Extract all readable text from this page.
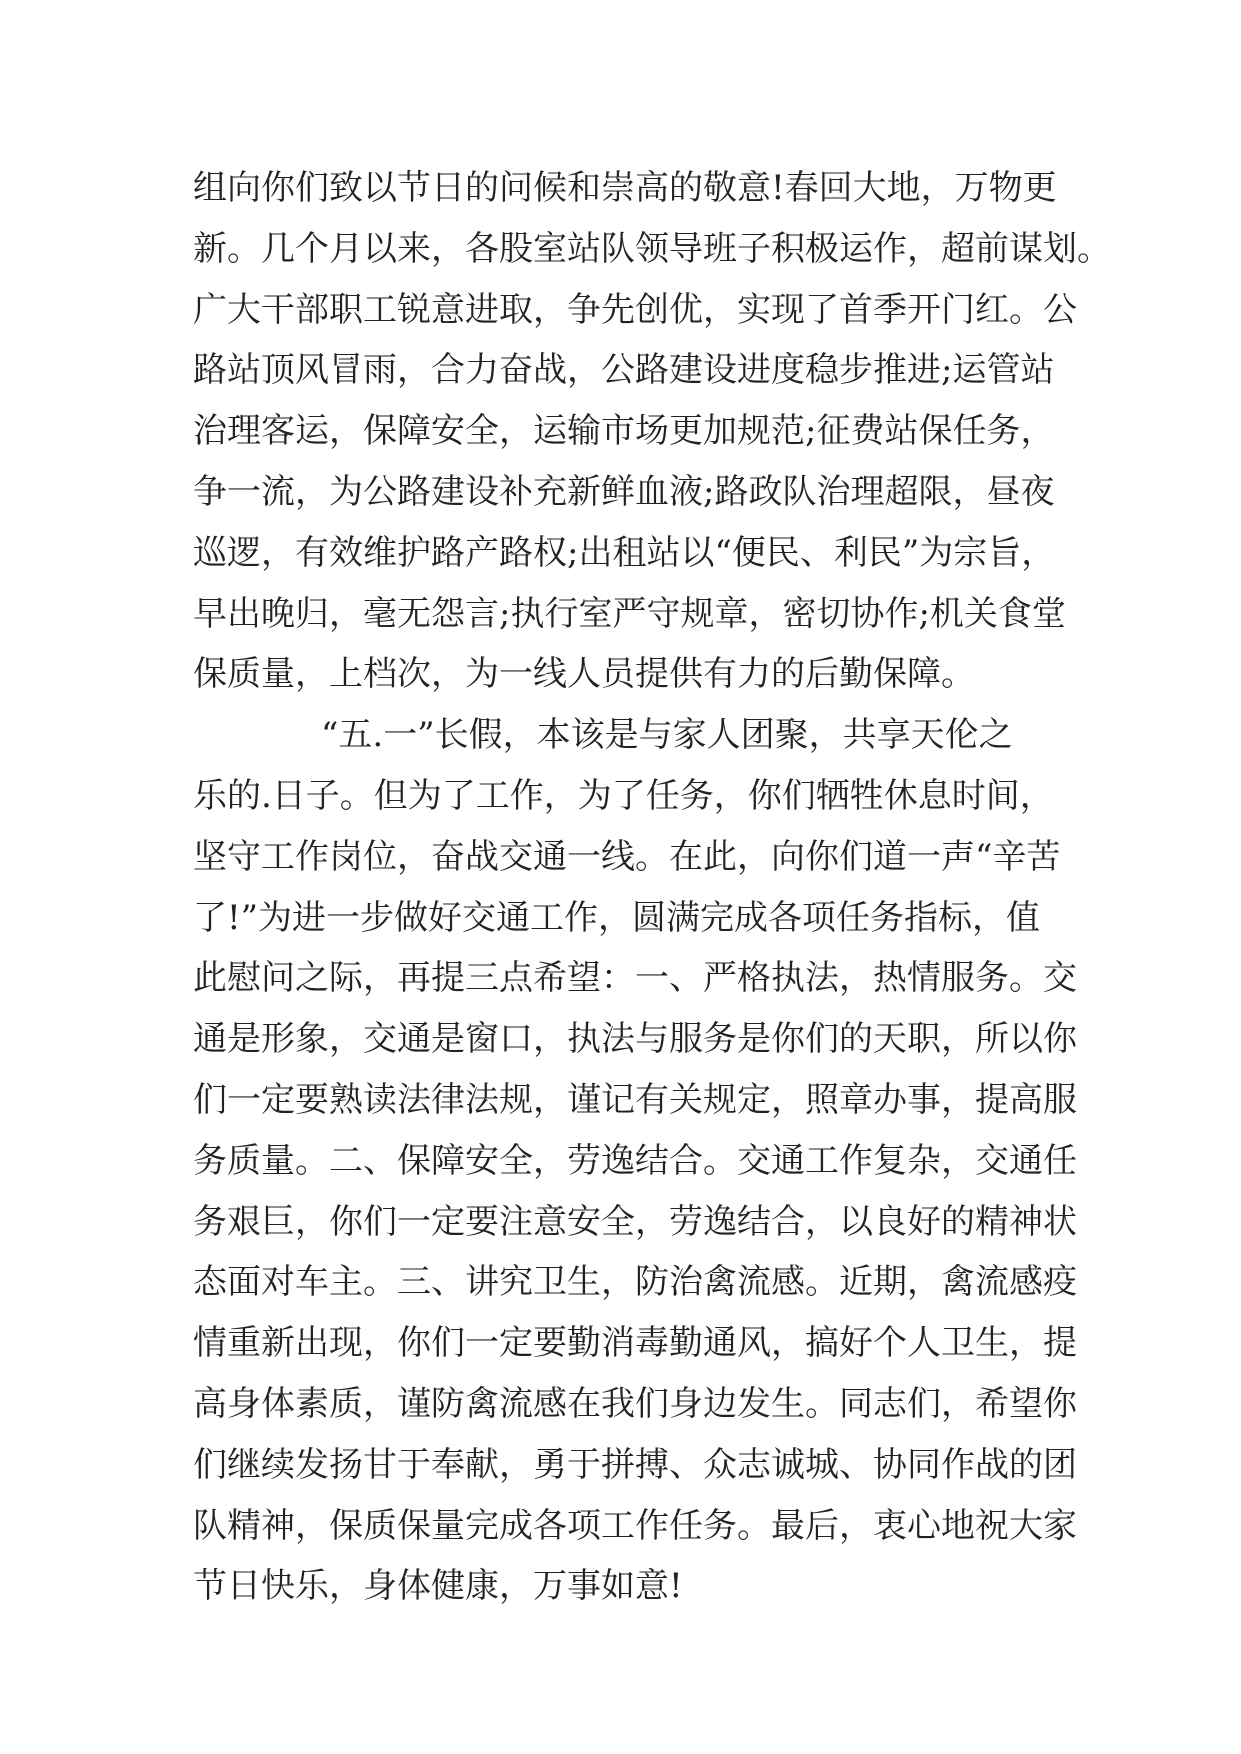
组向你们致以节日的问候和崇高的敬意!春回大地，万物更
新。几个月以来，各股室站队领导班子积极运作，超前谋划。
广大干部职工锐意进取，争先创优，实现了首季开门红。公
路站顶风冒雨，合力奋战，公路建设进度稳步推进;运管站
治理客运，保障安全，运输市场更加规范;征费站保任务，
争一流，为公路建设补充新鲜血液;路政队治理超限，昼夜
巡逻，有效维护路产路权;出租站以“便民、利民”为宗旨，
早出晚归，毫无怨言;执行室严守规章，密切协作;机关食堂
保质量，上档次，为一线人员提供有力的后勤保障。
“五.一”长假，本该是与家人团聚，共享天伦之
乐的.日子。但为了工作，为了任务，你们牺牲休息时间，
坚守工作岗位，奋战交通一线。在此，向你们道一声“辛苦
了!”为进一步做好交通工作，圆满完成各项任务指标，值
此慰问之际，再提三点希望：一、严格执法，热情服务。交
通是形象，交通是窗口，执法与服务是你们的天职，所以你
们一定要熟读法律法规，谨记有关规定，照章办事，提高服
务质量。二、保障安全，劳逸结合。交通工作复杂，交通任
务艰巨，你们一定要注意安全，劳逸结合，以良好的精神状
态面对车主。三、讲究卫生，防治禽流感。近期，禽流感疫
情重新出现，你们一定要勤消毒勤通风，搞好个人卫生，提
高身体素质，谨防禽流感在我们身边发生。同志们，希望你
们继续发扬甘于奉献，勇于拼搏、众志诚城、协同作战的团
队精神，保质保量完成各项工作任务。最后，衷心地祝大家
节日快乐，身体健康，万事如意!
